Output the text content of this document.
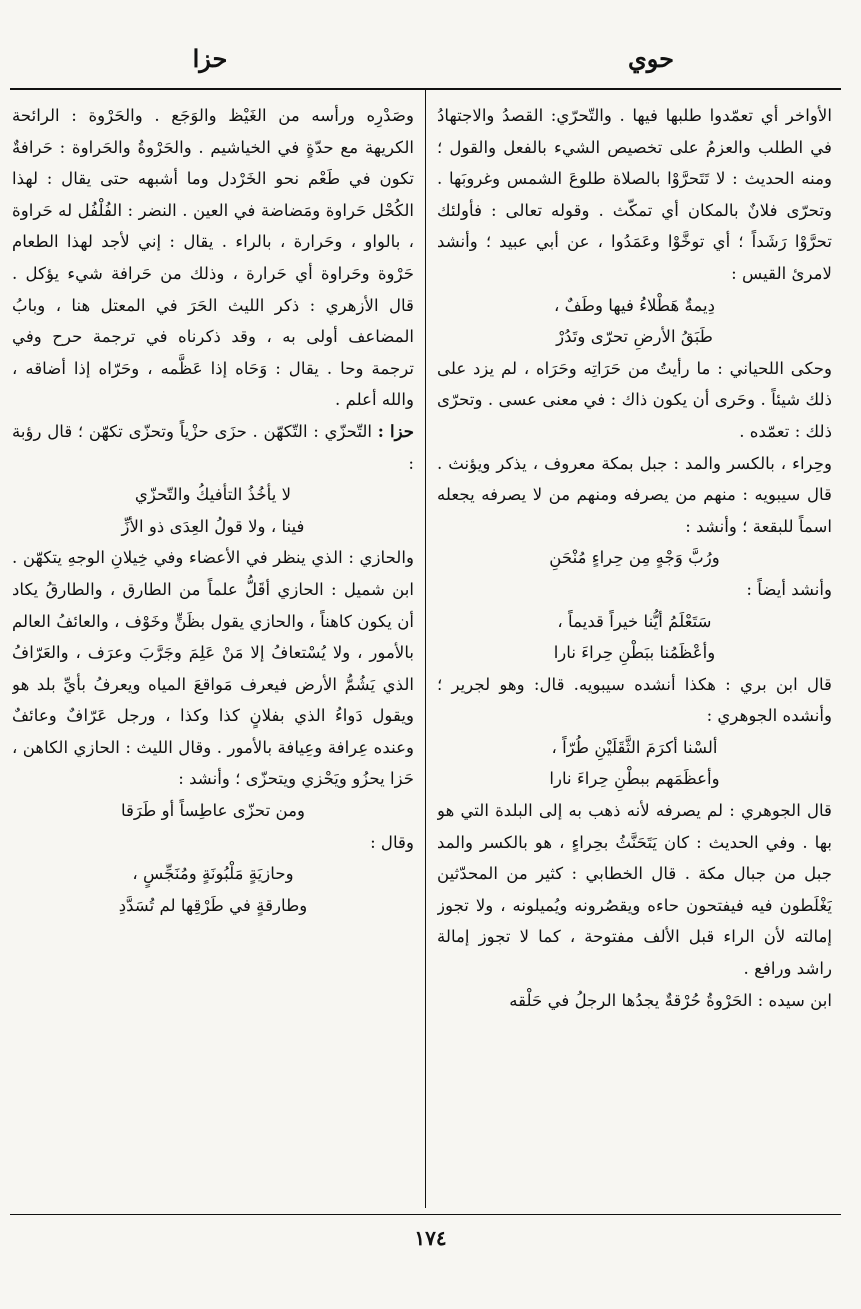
حوي
حزا
الأواخر أي تعمّدوا طلبها فيها . والتّحرّي: القصدُ والاجتهادُ في الطلب والعزمُ على تخصيص الشيء بالفعل والقول ؛ ومنه الحديث : لا تَتَحرَّوْا بالصلاة طلوعَ الشمس وغروبَها . وتحرّى فلانٌ بالمكان أي تمكّث . وقوله تعالى : فأولئك تحرَّوْا رَشَداً ؛ أي توخَّوْا وعَمَدُوا ، عن أبي عبيد ؛ وأنشد لامرئ القيس :
دِيمةٌ هَطْلاءُ فيها وطَفٌ ،
طَبَقُ الأرضِ تحرّى وتَدُرْ
وحكى اللحياني : ما رأيتُ من حَرَاتِه وحَرَاه ، لم يزد على ذلك شيئاً . وحَرى أن يكون ذاك : في معنى عسى . وتحرّى ذلك : تعمّده .
وحِراء ، بالكسر والمد : جبل بمكة معروف ، يذكر ويؤنث . قال سيبويه : منهم من يصرفه ومنهم من لا يصرفه يجعله اسماً للبقعة ؛ وأنشد :
ورُبَّ وَجْهٍ مِن حِراءٍ مُنْحَنِ
وأنشد أيضاً :
سَتَعْلَمُ أيُّنا خيراً قديماً ،
وأعْظَمُنا ببَطْنِ حِراءَ نارا
قال ابن بري : هكذا أنشده سيبويه. قال: وهو لجرير ؛ وأنشده الجوهري :
ألسْنا أكرَمَ الثَّقَلَيْنِ طُرّاً ،
وأعظَمَهم ببطْنِ حِراءَ نارا
قال الجوهري : لم يصرفه لأنه ذهب به إلى البلدة التي هو بها . وفي الحديث : كان يَتَحَنَّثُ بحِراءٍ ، هو بالكسر والمد جبل من جبال مكة . قال الخطابي : كثير من المحدّثين يَغْلَطون فيه فيفتحون حاءه ويقصُرونه ويُميلونه ، ولا تجوز إمالته لأن الراء قبل الألف مفتوحة ، كما لا تجوز إمالة راشد ورافع .
ابن سيده : الحَرْوةُ حُرْقةٌ يجدُها الرجلُ في حَلْقه
وصَدْرِه ورأسه من الغَيْظ والوَجَع . والحَرْوة : الرائحة الكريهة مع حدّةٍ في الخياشيم . والحَرْوةُ والحَراوة : حَرافةٌ تكون في طَعْم نحو الخَرْدل وما أشبهه حتى يقال : لهذا الكُحْل حَراوة ومَضاضة في العين . النضر : الفُلْفُل له حَراوة ، بالواو ، وحَرارة ، بالراء . يقال : إني لأجد لهذا الطعام حَرْوة وحَراوة أي حَرارة ، وذلك من حَرافة شيء يؤكل . قال الأزهري : ذكر الليث الحَرَ في المعتل هنا ، وبابُ المضاعف أولى به ، وقد ذكرناه في ترجمة حرح وفي ترجمة وحا . يقال : وَحَاه إذا عَظَّمه ، وحَرّاه إذا أضاقه ، والله أعلم .
حزا : التّحزّي : التّكهّن . حزَى حزْياً وتحزّى تكهّن ؛ قال رؤبة :
لا يأخُذُ التأفيكُ والتّحزّي
فينا ، ولا قولُ العِدَى ذو الأزِّ
والحازي : الذي ينظر في الأعضاء وفي خِيلانِ الوجهِ يتكهّن . ابن شميل : الحازي أقَلُّ علماً من الطارق ، والطارقُ يكاد أن يكون كاهناً ، والحازي يقول بظَنٍّ وخَوْف ، والعائفُ العالم بالأمور ، ولا يُسْتعافُ إلا مَنْ عَلِمَ وجَرَّبَ وعرَف ، والعَرّافُ الذي يَشُمُّ الأرض فيعرف مَواقعَ المياه ويعرفُ بأيِّ بلد هو ويقول دَواءُ الذي بفلانٍ كذا وكذا ، ورجل عَرّافٌ وعائفٌ وعنده عِرافة وعِيافة بالأمور . وقال الليث : الحازي الكاهن ، حَزا يحزُو ويَحْزي ويتحزّى ؛ وأنشد :
ومن تحزّى عاطِساً أو طَرَقا
وقال :
وحازيَةٍ مَلْبُونَةٍ ومُنَجِّسٍ ،
وطارقةٍ في طَرْقِها لم تُسَدَّدِ
١٧٤
